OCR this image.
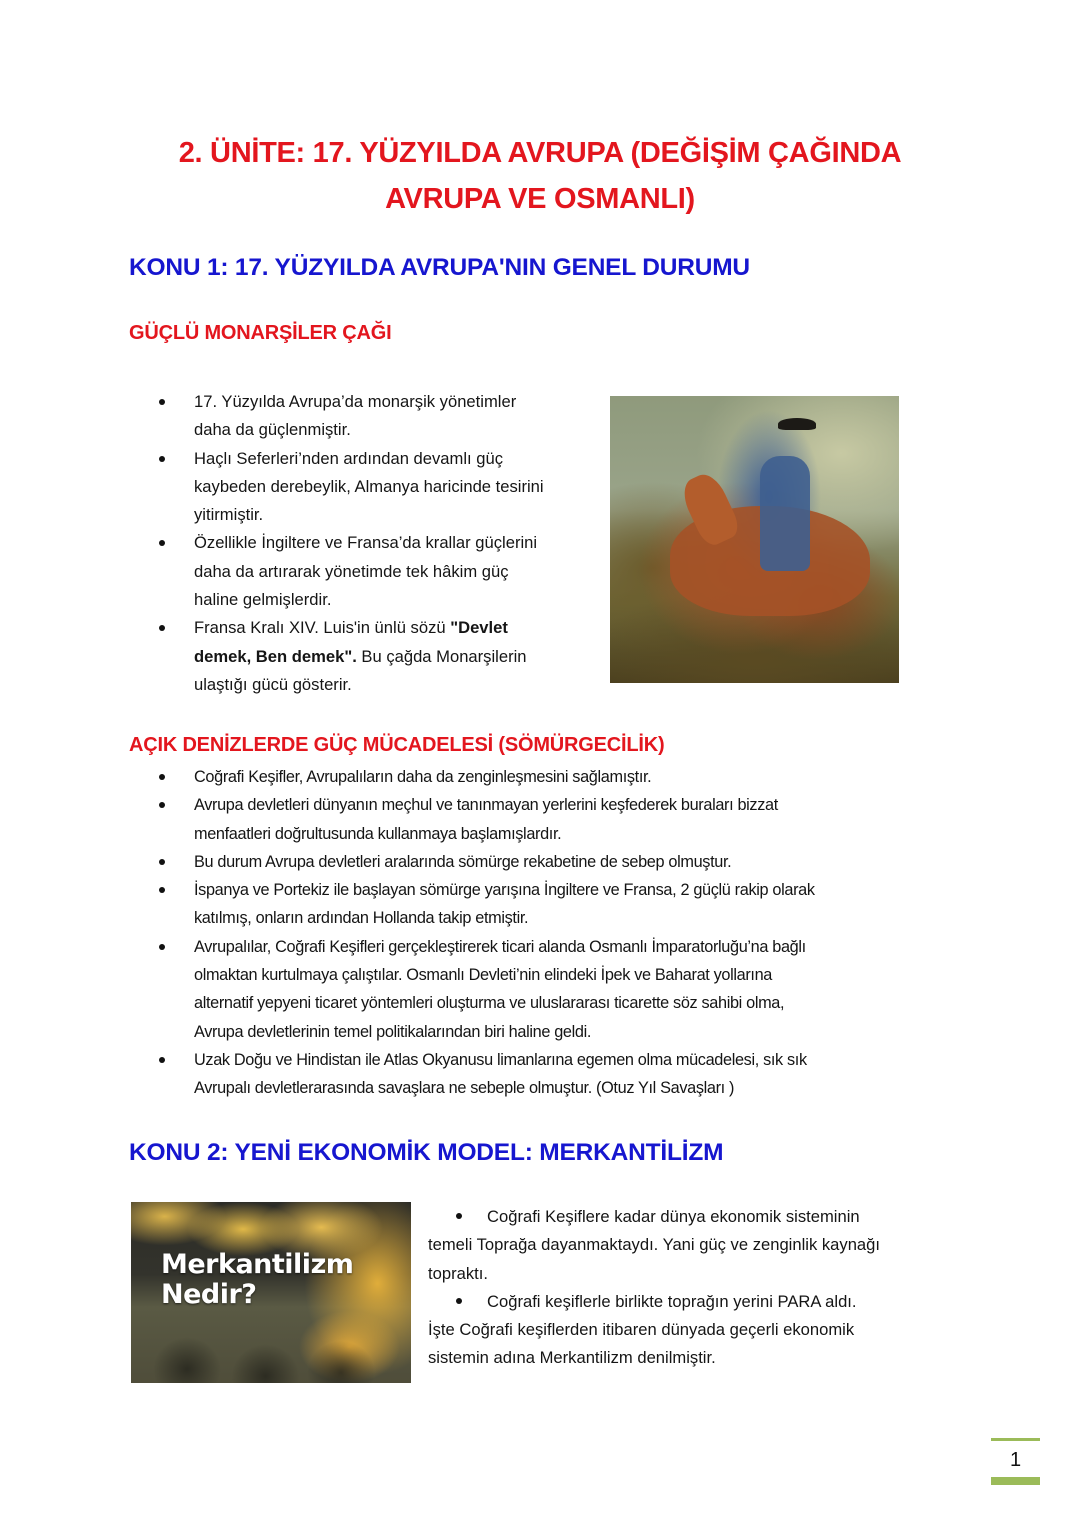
2. ÜNİTE: 17. YÜZYILDA AVRUPA (DEĞİŞİM ÇAĞINDA
AVRUPA VE OSMANLI)
KONU 1: 17. YÜZYILDA AVRUPA'NIN GENEL DURUMU
GÜÇLÜ MONARŞİLER ÇAĞI
17. Yüzyılda Avrupa’da monarşik yönetimler
daha da güçlenmiştir.
Haçlı Seferleri’nden ardından devamlı güç
kaybeden derebeylik, Almanya haricinde tesirini
yitirmiştir.
Özellikle İngiltere ve Fransa’da krallar güçlerini
daha da artırarak yönetimde tek hâkim güç
haline gelmişlerdir.
Fransa Kralı XIV. Luis'in ünlü sözü "Devlet
demek, Ben demek". Bu çağda Monarşilerin
ulaştığı gücü gösterir.
AÇIK DENİZLERDE GÜÇ MÜCADELESİ (SÖMÜRGECİLİK)
Coğrafi Keşifler, Avrupalıların daha da zenginleşmesini sağlamıştır.
Avrupa devletleri dünyanın meçhul ve tanınmayan yerlerini keşfederek buraları bizzat
menfaatleri doğrultusunda kullanmaya başlamışlardır.
Bu durum Avrupa devletleri aralarında sömürge rekabetine de sebep olmuştur.
İspanya ve Portekiz ile başlayan sömürge yarışına İngiltere ve Fransa, 2 güçlü rakip olarak
katılmış, onların ardından Hollanda takip etmiştir.
Avrupalılar, Coğrafi Keşifleri gerçekleştirerek ticari alanda Osmanlı İmparatorluğu’na bağlı
olmaktan kurtulmaya çalıştılar. Osmanlı Devleti’nin elindeki İpek ve Baharat yollarına
alternatif yepyeni ticaret yöntemleri oluşturma ve uluslararası ticarette söz sahibi olma,
Avrupa devletlerinin temel politikalarından biri haline geldi.
Uzak Doğu ve Hindistan ile Atlas Okyanusu limanlarına egemen olma mücadelesi, sık sık
Avrupalı devletlerarasında savaşlara ne sebeple olmuştur. (Otuz Yıl Savaşları )
KONU 2: YENİ EKONOMİK MODEL: MERKANTİLİZM
Merkantilizm
Nedir?

Coğrafi Keşiflere kadar dünya ekonomik sisteminin
temeli Toprağa dayanmaktaydı. Yani güç ve zenginlik kaynağı
topraktı.

Coğrafi keşiflerle birlikte toprağın yerini PARA aldı.
İşte Coğrafi keşiflerden itibaren dünyada geçerli ekonomik
sistemin adına Merkantilizm denilmiştir.

1
